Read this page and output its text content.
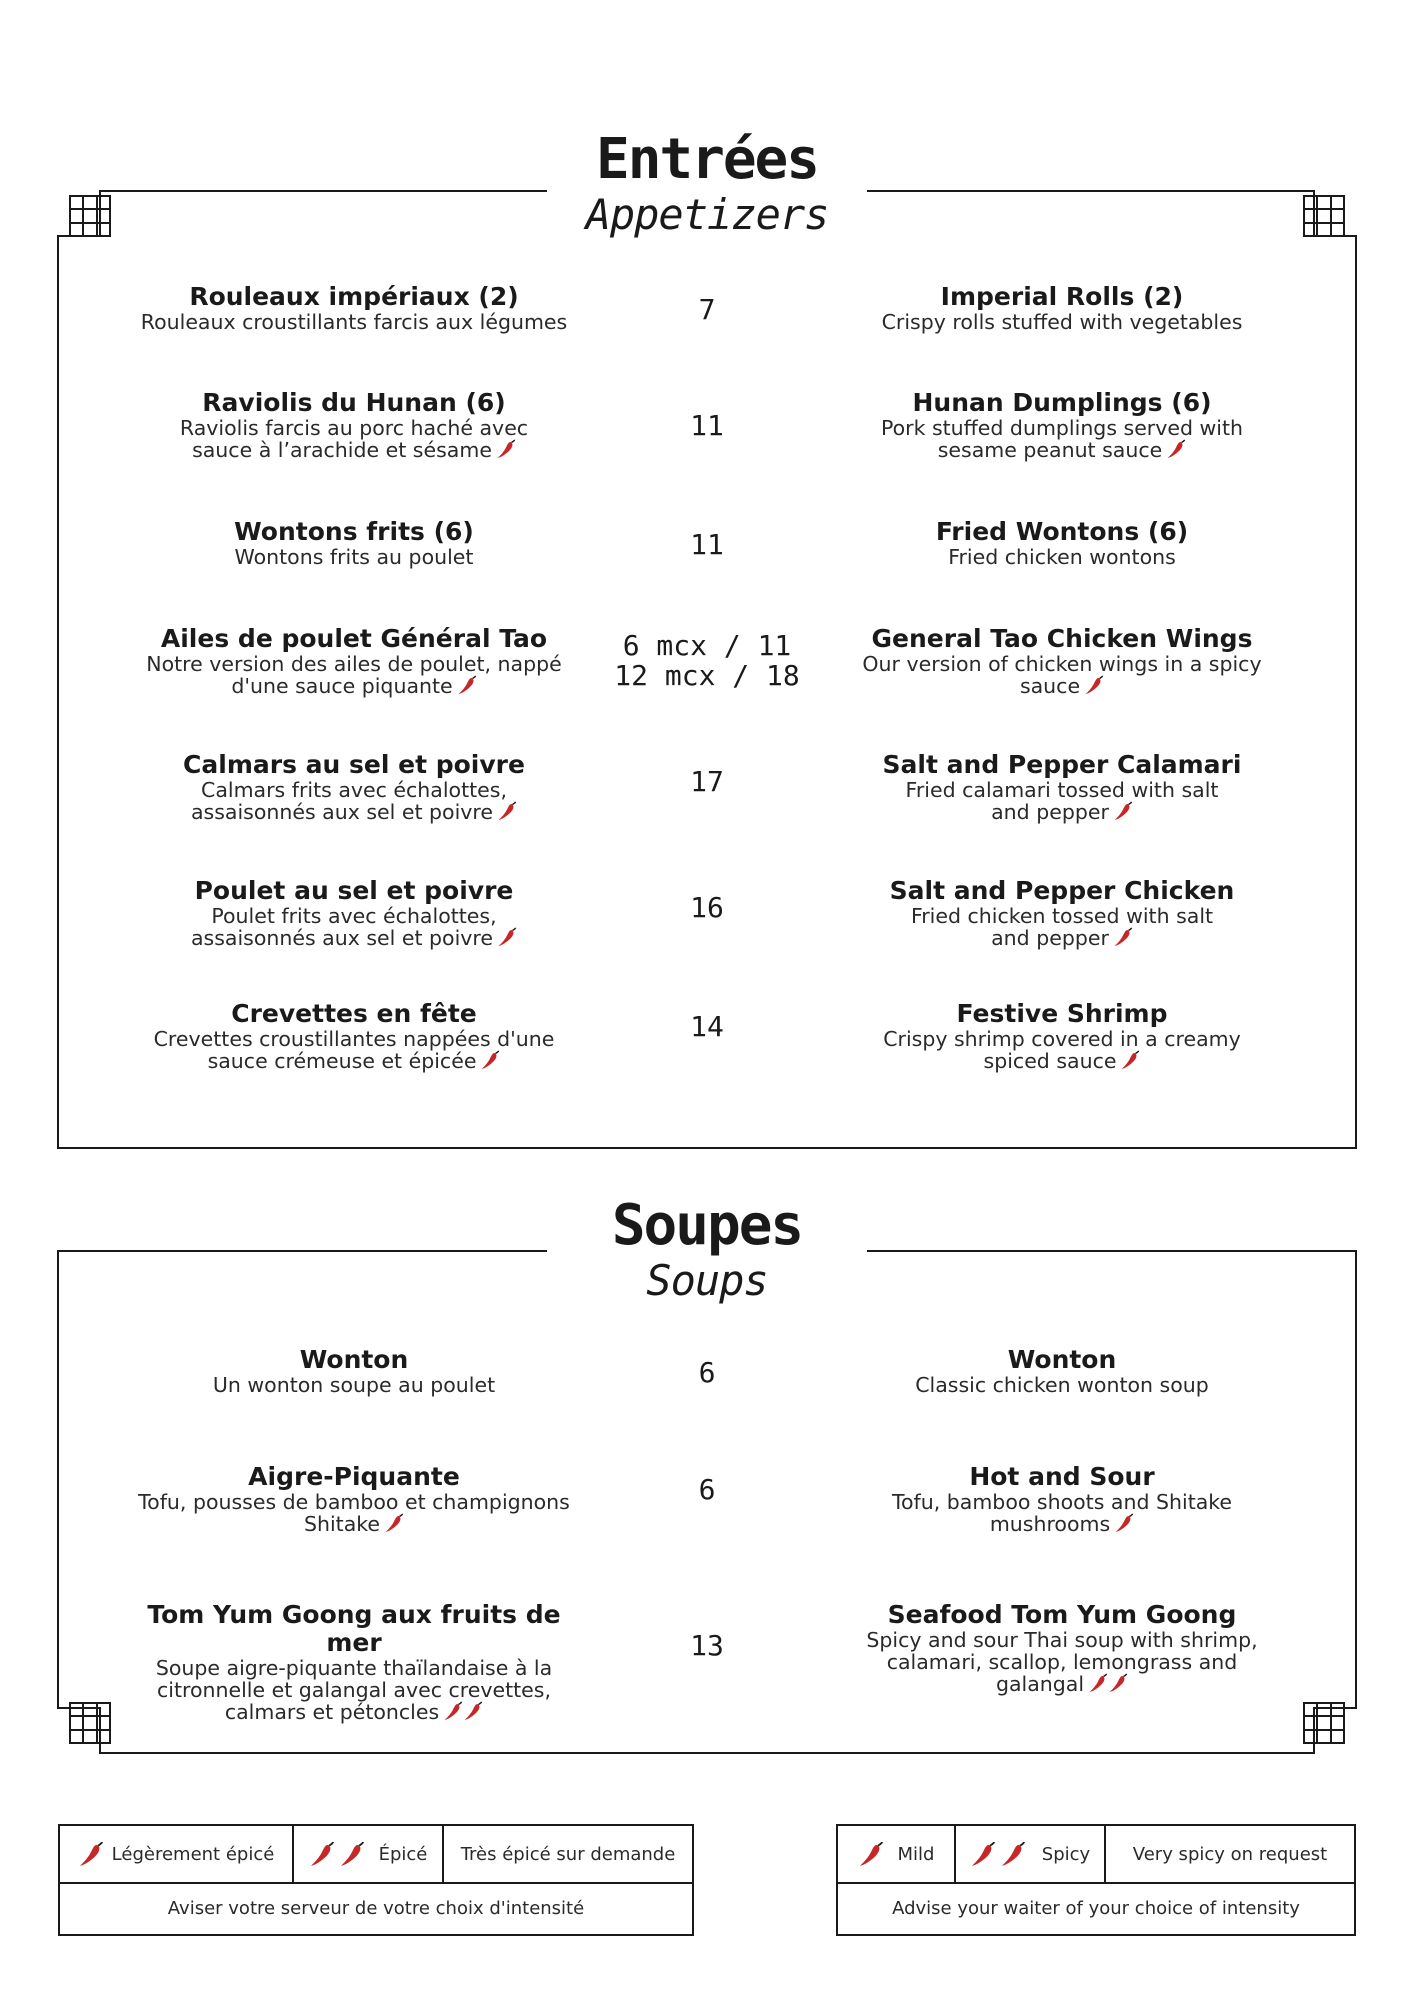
Entrées
Appetizers
Rouleaux impériaux (2)
Rouleaux croustillants farcis aux légumes
Imperial Rolls (2)
Crispy rolls stuffed with vegetables
7
Raviolis du Hunan (6)
Raviolis farcis au porc haché avec
sauce à l’arachide et sésame
Hunan Dumplings (6)
Pork stuffed dumplings served with
sesame peanut sauce
11
Wontons frits (6)
Wontons frits au poulet
Fried Wontons (6)
Fried chicken wontons
11
Ailes de poulet Général Tao
Notre version des ailes de poulet, nappé
d'une sauce piquante
General Tao Chicken Wings
Our version of chicken wings in a spicy
sauce
6 mcx / 11
12 mcx / 18
Calmars au sel et poivre
Calmars frits avec échalottes,
assaisonnés aux sel et poivre
Salt and Pepper Calamari
Fried calamari tossed with salt
and pepper
17
Poulet au sel et poivre
Poulet frits avec échalottes,
assaisonnés aux sel et poivre
Salt and Pepper Chicken
Fried chicken tossed with salt
and pepper
16
Crevettes en fête
Crevettes croustillantes nappées d'une
sauce crémeuse et épicée
Festive Shrimp
Crispy shrimp covered in a creamy
spiced sauce
14
Soupes
Soups
Wonton
Un wonton soupe au poulet
Wonton
Classic chicken wonton soup
6
Aigre-Piquante
Tofu, pousses de bamboo et champignons
Shitake
Hot and Sour
Tofu, bamboo shoots and Shitake
mushrooms
6
Tom Yum Goong aux fruits de mer
Soupe aigre-piquante thaïlandaise à la
citronnelle et galangal avec crevettes,
calmars et pétoncles
Seafood Tom Yum Goong
Spicy and sour Thai soup with shrimp,
calamari, scallop, lemongrass and
galangal
13
Légèrement épicé	Épicé Très épicé sur demande
Aviser votre serveur de votre choix d'intensité
Mild	Spicy Very spicy on request
Advise your waiter of your choice of intensity
